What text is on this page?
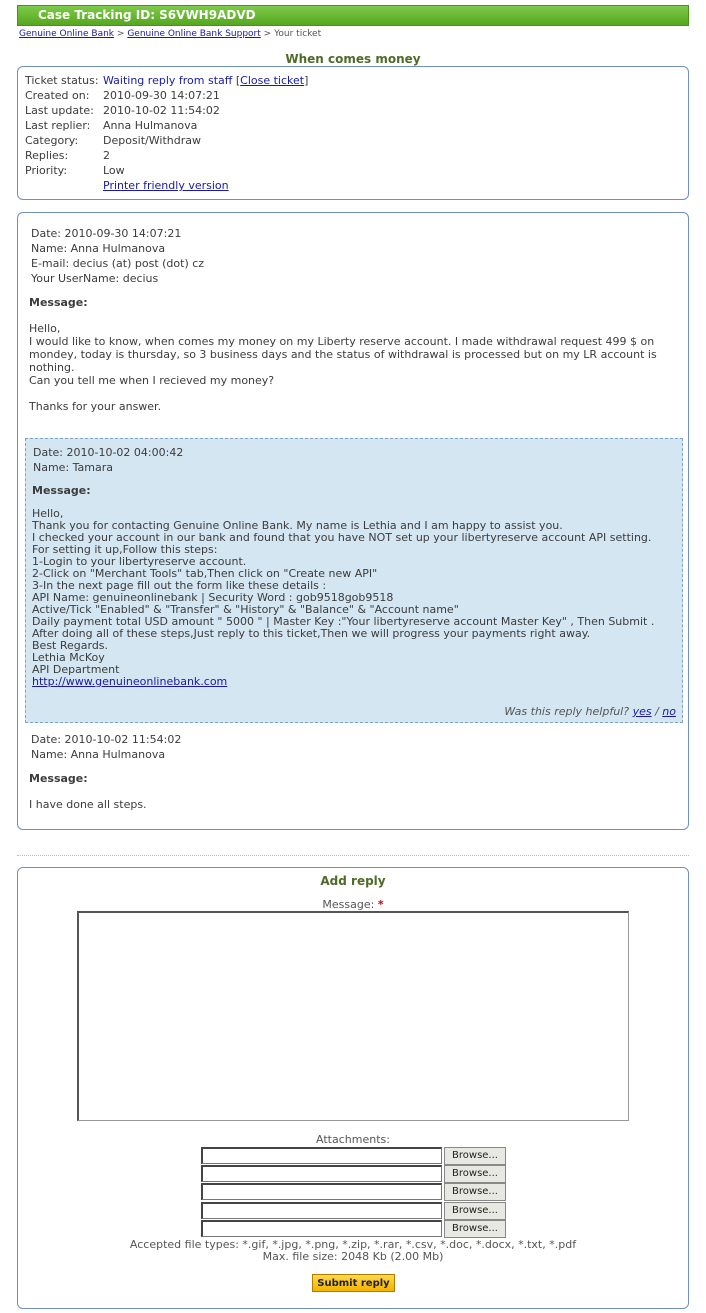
Case Tracking ID: S6VWH9ADVD
Genuine Online Bank > Genuine Online Bank Support > Your ticket
When comes money
Ticket status:	Waiting reply from staff [Close ticket]
Created on:	2010-09-30 14:07:21
Last update:	2010-10-02 11:54:02
Last replier:	Anna Hulmanova
Category:	Deposit/Withdraw
Replies:	2
Priority:	Low
	Printer friendly version
Date: 2010-09-30 14:07:21
Name: Anna Hulmanova
E-mail: decius (at) post (dot) cz
Your UserName: decius
Message:
Hello,
I would like to know, when comes my money on my Liberty reserve account. I made withdrawal request 499 $ on mondey, today is thursday, so 3 business days and the status of withdrawal is processed but on my LR account is nothing.
Can you tell me when I recieved my money?

Thanks for your answer.
Date: 2010-10-02 04:00:42
Name: Tamara
Message:
Hello,
Thank you for contacting Genuine Online Bank. My name is Lethia and I am happy to assist you.
I checked your account in our bank and found that you have NOT set up your libertyreserve account API setting.
For setting it up,Follow this steps:
1-Login to your libertyreserve account.
2-Click on "Merchant Tools" tab,Then click on "Create new API"
3-In the next page fill out the form like these details :
API Name: genuineonlinebank | Security Word : gob9518gob9518
Active/Tick "Enabled" & "Transfer" & "History" & "Balance" & "Account name"
Daily payment total USD amount " 5000 " | Master Key :"Your libertyreserve account Master Key" , Then Submit .
After doing all of these steps,Just reply to this ticket,Then we will progress your payments right away.
Best Regards.
Lethia McKoy
API Department
http://www.genuineonlinebank.com
Was this reply helpful? yes / no
Date: 2010-10-02 11:54:02
Name: Anna Hulmanova
Message:
I have done all steps.
Add reply
Message: *
Attachments:
Browse...
Browse...
Browse...
Browse...
Browse...
Accepted file types: *.gif, *.jpg, *.png, *.zip, *.rar, *.csv, *.doc, *.docx, *.txt, *.pdf
Max. file size: 2048 Kb (2.00 Mb)
Submit reply
